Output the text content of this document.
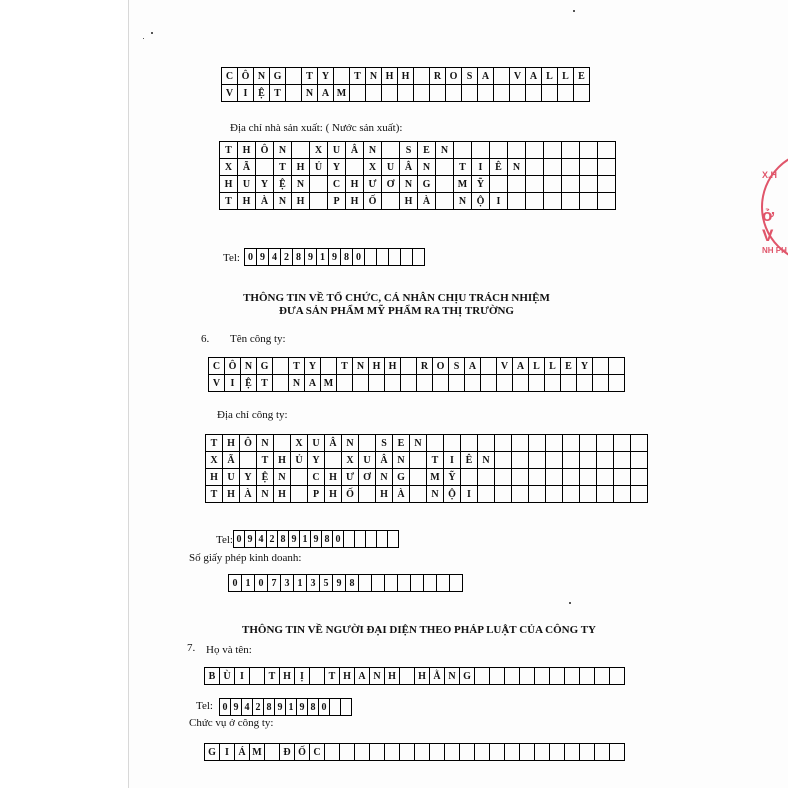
C Ô N G	T Y	T N H H	R O S A	V A L L E
V	I	Ệ T	N A M
Địa chỉ nhà sản xuất: ( Nước sản xuất):
T	H	Ô	N	X	U	Â	N	S	E	N
X	Ã	T	H	Ủ	Y	X	U	Â	N	T	I	Ê	N
H	U	Y	Ệ	N	C	H	Ư	Ơ	N	G	M Ỹ
T	H	À	N	H	P	H	Ố	H	À	N	Ộ	I
Tel: 0 9 4 2 8 9 1 9 8 0
THÔNG TIN VỀ TỔ CHỨC, CÁ NHÂN CHỊU TRÁCH NHIỆM
ĐƯA SẢN PHẨM MỸ PHẨM RA THỊ TRƯỜNG
6. Tên công ty:
C Ô N G	T Y	T N H H	R O S A	V A L L E Y
V	I	Ệ T	N A M
Địa chỉ công ty:
T H Ô N	X U Â N	S	E	N
X Ã	T H Ủ Y	X U Â N	T	I	Ê	N
H U Y	Ệ	N	C H Ư Ơ N G	M Ỹ
T H À N H	P	H Ố	H À	N Ộ	I
Tel: 0 9 4 2 8 9 1 9 8 0
Số giấy phép kinh doanh:
0 1 0 7 3 1 3 5 9 8
THÔNG TIN VỀ NGƯỜI ĐẠI DIỆN THEO PHÁP LUẬT CỦA CÔNG TY
7. Họ và tên:
B Ù I	T H Ị	T H A N H	H Ằ N G
Tel: 0 9 4 2 8 9 1 9 8 0
Chức vụ ở công ty:
G I Á M	Đ Ố C
X.H
ở V
NH PH
